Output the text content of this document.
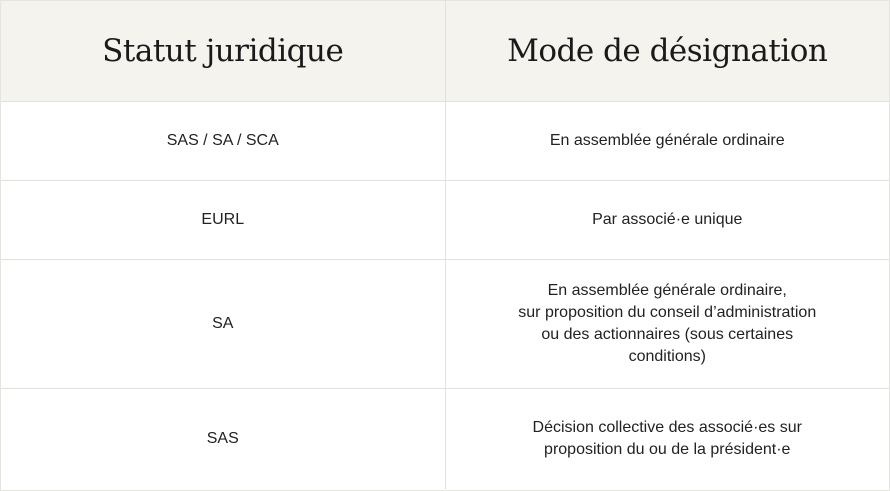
Statut juridique	Mode de désignation
SAS / SA / SCA	En assemblée générale ordinaire
EURL	Par associé·e unique
SA	En assemblée générale ordinaire,
sur proposition du conseil d’administration
ou des actionnaires (sous certaines
conditions)
SAS	Décision collective des associé·es sur
proposition du ou de la président·e
